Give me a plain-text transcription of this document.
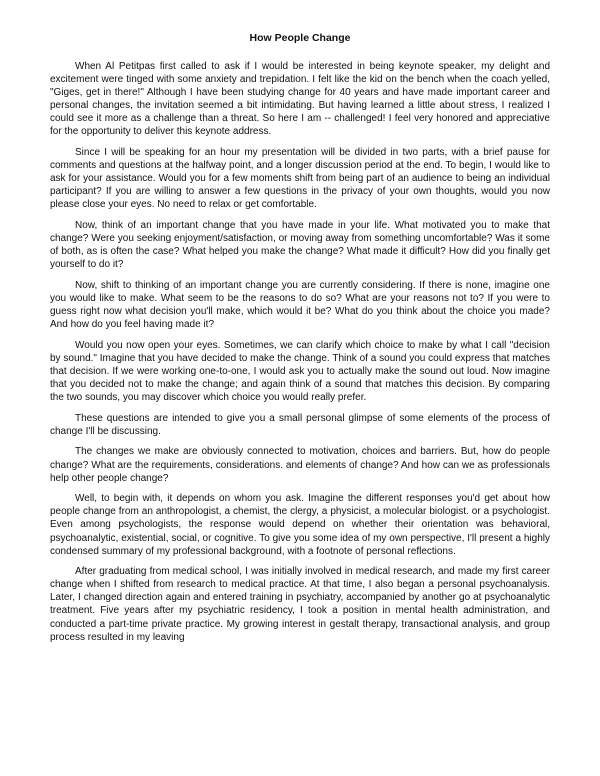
How People Change

When Al Petitpas first called to ask if I would be interested in being keynote speaker, my delight and excitement were tinged with some anxiety and trepidation. I felt like the kid on the bench when the coach yelled, "Giges, get in there!" Although I have been studying change for 40 years and have made important career and personal changes, the invitation seemed a bit intimidating. But having learned a little about stress, I realized I could see it more as a challenge than a threat. So here I am -- challenged! I feel very honored and appreciative for the opportunity to deliver this keynote address.

Since I will be speaking for an hour my presentation will be divided in two parts, with a brief pause for comments and questions at the halfway point, and a longer discussion period at the end. To begin, I would like to ask for your assistance. Would you for a few moments shift from being part of an audience to being an individual participant? If you are willing to answer a few questions in the privacy of your own thoughts, would you now please close your eyes. No need to relax or get comfortable.

Now, think of an important change that you have made in your life. What motivated you to make that change? Were you seeking enjoyment/satisfaction, or moving away from something uncomfortable? Was it some of both, as is often the case? What helped you make the change? What made it difficult? How did you finally get yourself to do it?

Now, shift to thinking of an important change you are currently considering. If there is none, imagine one you would like to make. What seem to be the reasons to do so? What are your reasons not to? If you were to guess right now what decision you'll make, which would it be? What do you think about the choice you made? And how do you feel having made it?

Would you now open your eyes. Sometimes, we can clarify which choice to make by what I call "decision by sound." Imagine that you have decided to make the change. Think of a sound you could express that matches that decision. If we were working one-to-one, I would ask you to actually make the sound out loud. Now imagine that you decided not to make the change; and again think of a sound that matches this decision. By comparing the two sounds, you may discover which choice you would really prefer.

These questions are intended to give you a small personal glimpse of some elements of the process of change I'll be discussing.

The changes we make are obviously connected to motivation, choices and barriers. But, how do people change? What are the requirements, considerations. and elements of change? And how can we as professionals help other people change?

Well, to begin with, it depends on whom you ask. Imagine the different responses you'd get about how people change from an anthropologist, a chemist, the clergy, a physicist, a molecular biologist. or a psychologist. Even among psychologists, the response would depend on whether their orientation was behavioral, psychoanalytic, existential, social, or cognitive. To give you some idea of my own perspective, I'll present a highly condensed summary of my professional background, with a footnote of personal reflections.

After graduating from medical school, I was initially involved in medical research, and made my first career change when I shifted from research to medical practice. At that time, I also began a personal psychoanalysis. Later, I changed direction again and entered training in psychiatry, accompanied by another go at psychoanalytic treatment. Five years after my psychiatric residency, I took a position in mental health administration, and conducted a part-time private practice. My growing interest in gestalt therapy, transactional analysis, and group process resulted in my leaving
